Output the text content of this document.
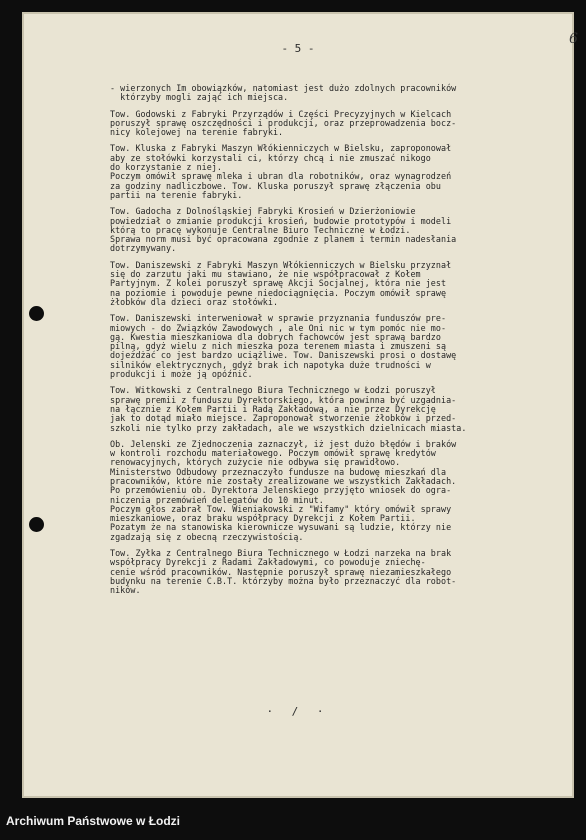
- 5 -
6
- wierzonych Im obowiązków, natomiast jest dużo zdolnych pracowników
którzyby mogli zająć ich miejsca.
Tow. Godowski z Fabryki Przyrządów i Części Precyzyjnych w Kielcach
poruszył sprawę oszczędności i produkcji, oraz przeprowadzenia bocz-
nicy kolejowej na terenie fabryki.
Tow. Kluska z Fabryki Maszyn Włókienniczych w Bielsku, zaproponował
aby ze stołówki korzystali ci, którzy chcą i nie zmuszać nikogo
do korzystanie z niej.
Poczym omówił sprawę mleka i ubran dla robotników, oraz wynagrodzeń
za godziny nadliczbowe. Tow. Kluska poruszył sprawę złączenia obu
partii na terenie fabryki.
Tow. Gadocha z Dolnośląskiej Fabryki Krosień w Dzierżoniowie
powiedział o zmianie produkcji krosień, budowie prototypów i modeli
którą to pracę wykonuje Centralne Biuro Techniczne w Łodzi.
Sprawa norm musi być opracowana zgodnie z planem i termin nadesłania
dotrzymywany.
Tow. Daniszewski z Fabryki Maszyn Włókienniczych w Bielsku przyznał
się do zarzutu jaki mu stawiano, że nie współpracował z Kołem
Partyjnym. Z kolei poruszył sprawę Akcji Socjalnej, która nie jest
na poziomie i powoduje pewne niedociągnięcia. Poczym omówił sprawę
żłobków dla dzieci oraz stołówki.
Tow. Daniszewski interweniował w sprawie przyznania funduszów pre-
miowych - do Związków Zawodowych , ale Oni nic w tym pomóc nie mo-
gą. Kwestia mieszkaniowa dla dobrych fachowców jest sprawą bardzo
pilną, gdyż wielu z nich mieszka poza terenem miasta i zmuszeni są
dojeżdżać co jest bardzo uciążliwe. Tow. Daniszewski prosi o dostawę
silników elektrycznych, gdyż brak ich napotyka duże trudności w
produkcji i może ją opóźnić.
Tow. Witkowski z Centralnego Biura Technicznego w Łodzi poruszył
sprawę premii z funduszu Dyrektorskiego, która powinna być uzgadnia-
na łącznie z Kołem Partii i Radą Zakładową, a nie przez Dyrekcję
jak to dotąd miało miejsce. Zaproponował stworzenie żłobków i przed-
szkoli nie tylko przy zakładach, ale we wszystkich dzielnicach miasta.
Ob. Jelenski ze Zjednoczenia zaznaczył, iż jest dużo błędów i braków
w kontroli rozchodu materiałowego. Poczym omówił sprawę kredytów
renowacyjnych, których zużycie nie odbywa się prawidłowo.
Ministerstwo Odbudowy przeznaczyło fundusze na budowę mieszkań dla
pracowników, które nie zostały zrealizowane we wszystkich Zakładach.
Po przemówieniu ob. Dyrektora Jelenskiego przyjęto wniosek do ogra-
niczenia przemówień delegatów do 10 minut.
Poczym głos zabrał Tow. Wieniakowski z "Wifamy" który omówił sprawy
mieszkaniowe, oraz braku współpracy Dyrekcji z Kołem Partii.
Pozatym że na stanowiska kierownicze wysuwani są ludzie, którzy nie
zgadzają się z obecną rzeczywistością.
Tow. Zyłka z Centralnego Biura Technicznego w Łodzi narzeka na brak
współpracy Dyrekcji z Radami Zakładowymi, co powoduje zniechę-
cenie wśród pracowników. Następnie poruszył sprawę niezamieszkałego
budynku na terenie C.B.T. którzyby można było przeznaczyć dla robot-
ników.
· / ·
Archiwum Państwowe w Łodzi
